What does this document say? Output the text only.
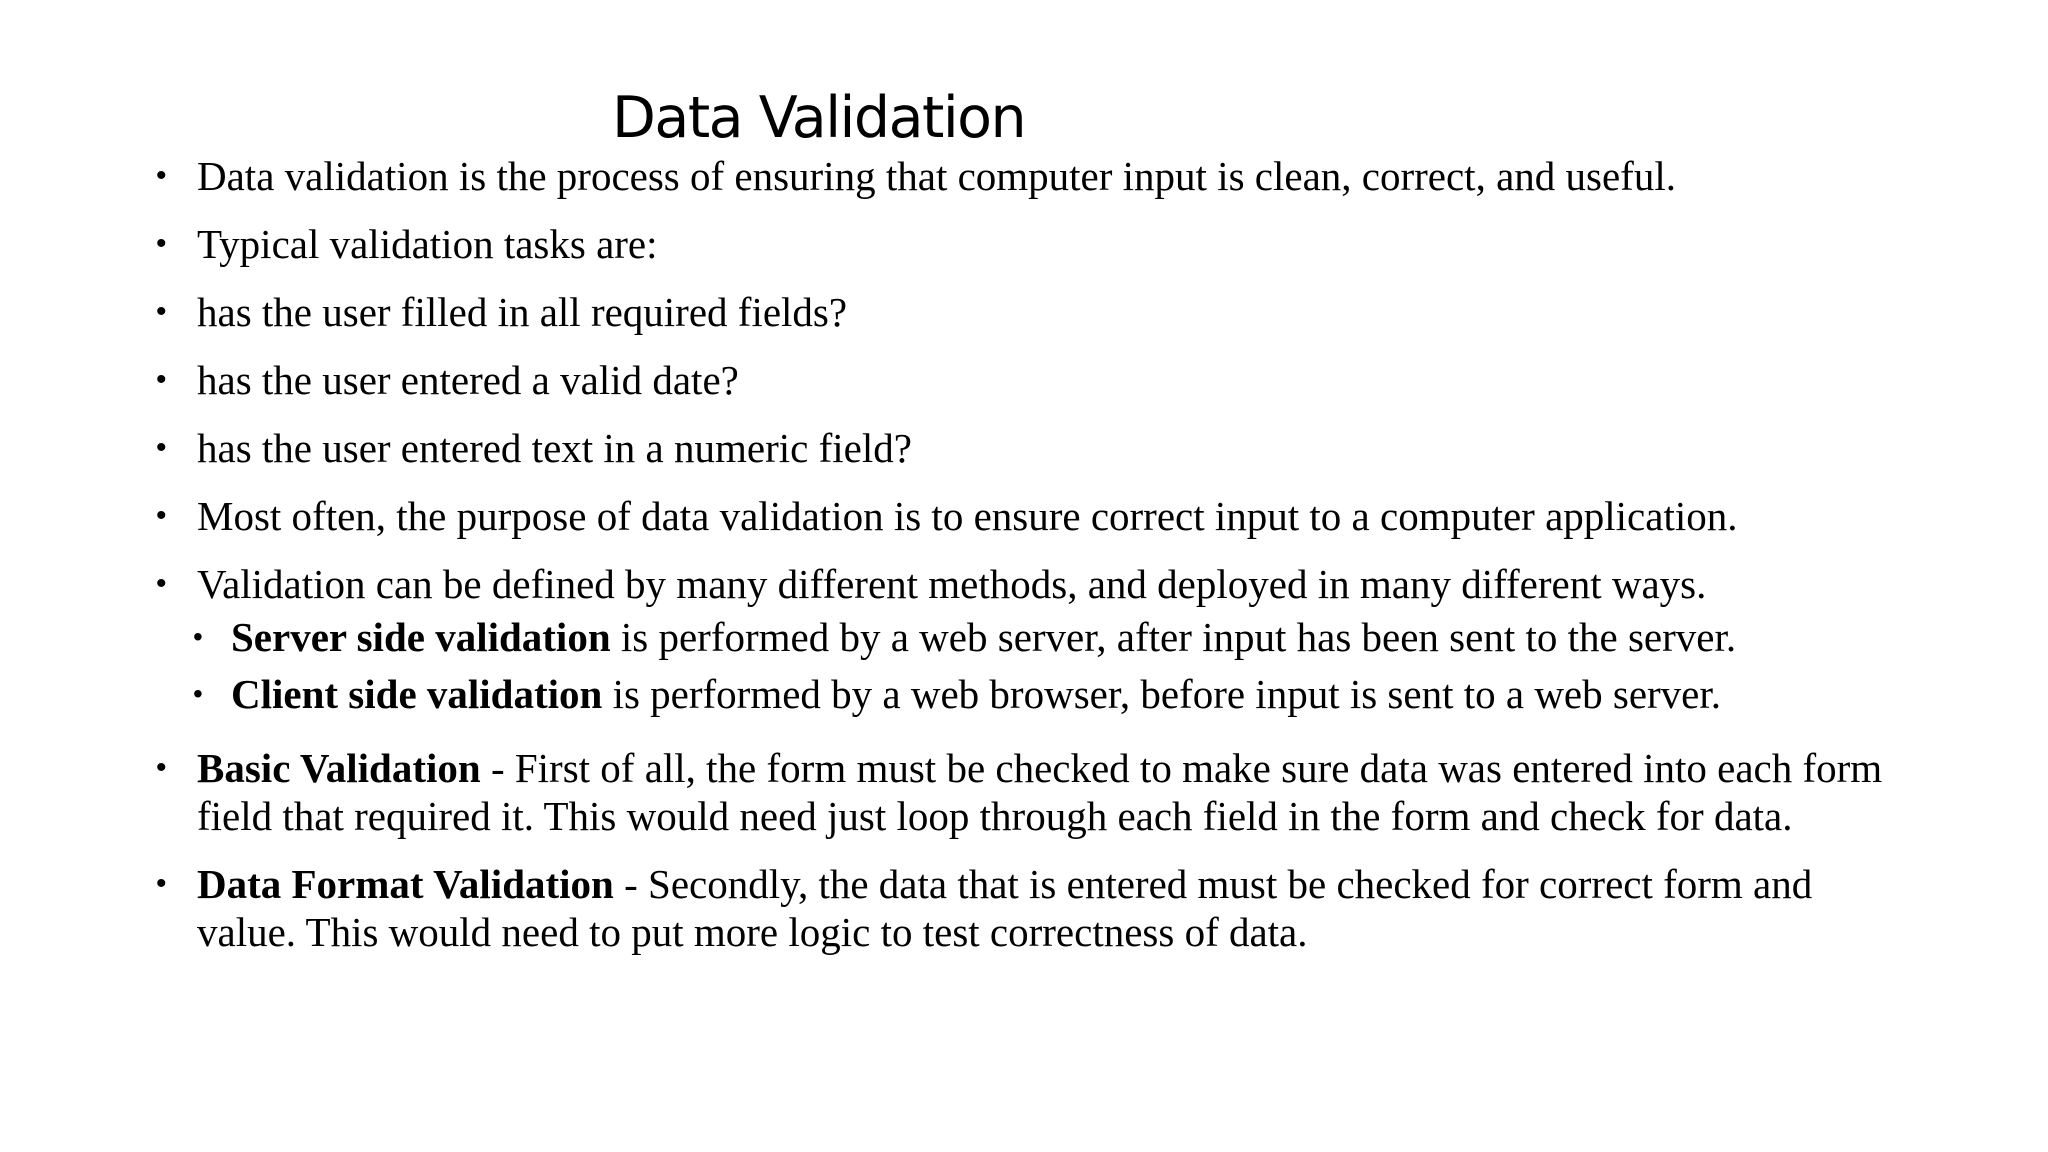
Data Validation
• Data validation is the process of ensuring that computer input is clean, correct, and useful.
• Typical validation tasks are:
• has the user filled in all required fields?
• has the user entered a valid date?
• has the user entered text in a numeric field?
• Most often, the purpose of data validation is to ensure correct input to a computer application.
• Validation can be defined by many different methods, and deployed in many different ways.
• Server side validation is performed by a web server, after input has been sent to the server.
• Client side validation is performed by a web browser, before input is sent to a web server.
• Basic Validation - First of all, the form must be checked to make sure data was entered into each form field that required it. This would need just loop through each field in the form and check for data.
• Data Format Validation - Secondly, the data that is entered must be checked for correct form and value. This would need to put more logic to test correctness of data.
